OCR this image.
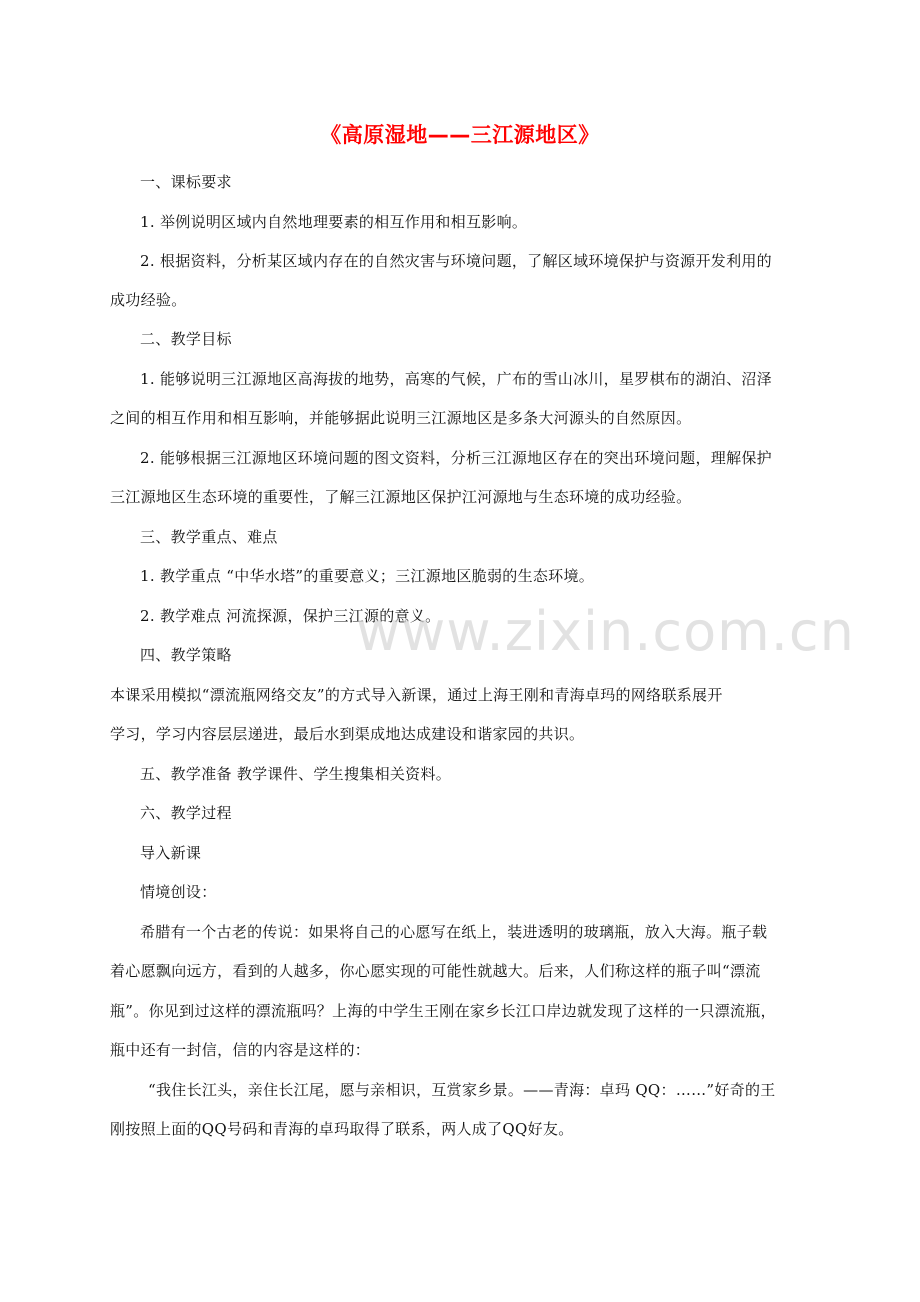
《高原湿地——三江源地区》
一、课标要求
1. 举例说明区域内自然地理要素的相互作用和相互影响。
2. 根据资料，分析某区域内存在的自然灾害与环境问题，了解区域环境保护与资源开发利用的
成功经验。
二、教学目标
1. 能够说明三江源地区高海拔的地势，高寒的气候，广布的雪山冰川，星罗棋布的湖泊、沼泽
之间的相互作用和相互影响，并能够据此说明三江源地区是多条大河源头的自然原因。
2. 能够根据三江源地区环境问题的图文资料，分析三江源地区存在的突出环境问题，理解保护
三江源地区生态环境的重要性，了解三江源地区保护江河源地与生态环境的成功经验。
三、教学重点、难点
1. 教学重点 “中华水塔”的重要意义；三江源地区脆弱的生态环境。
2. 教学难点 河流探源，保护三江源的意义。
四、教学策略
本课采用模拟“漂流瓶网络交友”的方式导入新课，通过上海王刚和青海卓玛的网络联系展开
学习，学习内容层层递进，最后水到渠成地达成建设和谐家园的共识。
五、教学准备 教学课件、学生搜集相关资料。
六、教学过程
导入新课
情境创设：
希腊有一个古老的传说：如果将自己的心愿写在纸上，装进透明的玻璃瓶，放入大海。瓶子载
着心愿飘向远方，看到的人越多，你心愿实现的可能性就越大。后来，人们称这样的瓶子叫“漂流
瓶”。你见到过这样的漂流瓶吗？上海的中学生王刚在家乡长江口岸边就发现了这样的一只漂流瓶，
瓶中还有一封信，信的内容是这样的：
“我住长江头，亲住长江尾，愿与亲相识，互赏家乡景。——青海：卓玛 QQ：……”好奇的王
刚按照上面的QQ号码和青海的卓玛取得了联系，两人成了QQ好友。
www.zixin.com.cn
